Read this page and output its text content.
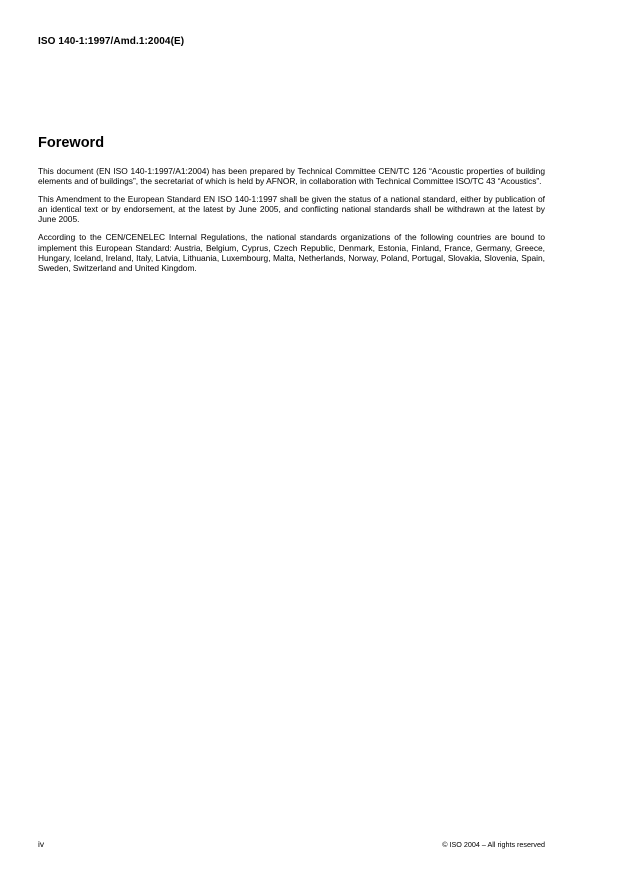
ISO 140-1:1997/Amd.1:2004(E)
Foreword

This document (EN ISO 140-1:1997/A1:2004) has been prepared by Technical Committee CEN/TC 126 “Acoustic properties of building elements and of buildings”, the secretariat of which is held by AFNOR, in collaboration with Technical Committee ISO/TC 43 “Acoustics”.

This Amendment to the European Standard EN ISO 140-1:1997 shall be given the status of a national standard, either by publication of an identical text or by endorsement, at the latest by June 2005, and conflicting national standards shall be withdrawn at the latest by June 2005.

According to the CEN/CENELEC Internal Regulations, the national standards organizations of the following countries are bound to implement this European Standard: Austria, Belgium, Cyprus, Czech Republic, Denmark, Estonia, Finland, France, Germany, Greece, Hungary, Iceland, Ireland, Italy, Latvia, Lithuania, Luxembourg, Malta, Netherlands, Norway, Poland, Portugal, Slovakia, Slovenia, Spain, Sweden, Switzerland and United Kingdom.

iv	© ISO 2004 – All rights reserved
